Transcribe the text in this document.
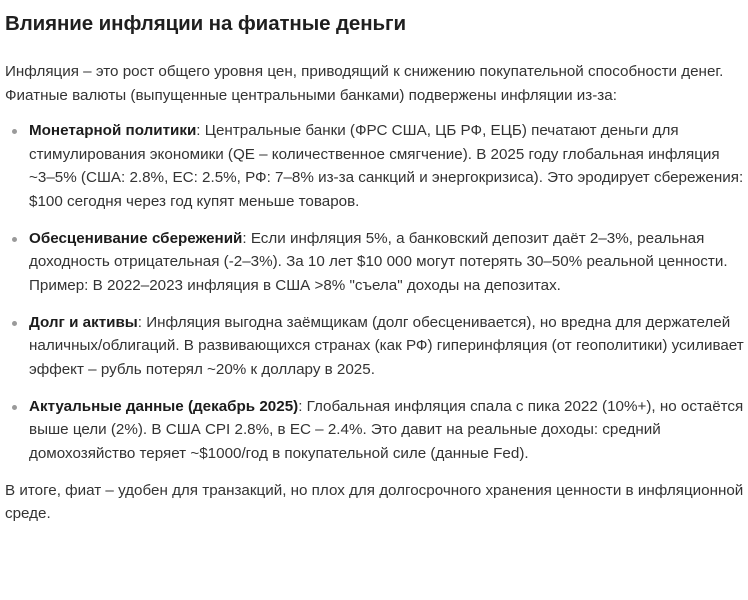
Влияние инфляции на фиатные деньги

Инфляция – это рост общего уровня цен, приводящий к снижению покупательной способности денег. Фиатные валюты (выпущенные центральными банками) подвержены инфляции из-за:

Монетарной политики: Центральные банки (ФРС США, ЦБ РФ, ЕЦБ) печатают деньги для стимулирования экономики (QE – количественное смягчение). В 2025 году глобальная инфляция ~3–5% (США: 2.8%, ЕС: 2.5%, РФ: 7–8% из-за санкций и энергокризиса). Это эродирует сбережения: $100 сегодня через год купят меньше товаров.
Обесценивание сбережений: Если инфляция 5%, а банковский депозит даёт 2–3%, реальная доходность отрицательная (-2–3%). За 10 лет $10 000 могут потерять 30–50% реальной ценности. Пример: В 2022–2023 инфляция в США >8% "съела" доходы на депозитах.
Долг и активы: Инфляция выгодна заёмщикам (долг обесценивается), но вредна для держателей наличных/облигаций. В развивающихся странах (как РФ) гиперинфляция (от геополитики) усиливает эффект – рубль потерял ~20% к доллару в 2025.
Актуальные данные (декабрь 2025): Глобальная инфляция спала с пика 2022 (10%+), но остаётся выше цели (2%). В США CPI 2.8%, в ЕС – 2.4%. Это давит на реальные доходы: средний домохозяйство теряет ~$1000/год в покупательной силе (данные Fed).

В итоге, фиат – удобен для транзакций, но плох для долгосрочного хранения ценности в инфляционной среде.
